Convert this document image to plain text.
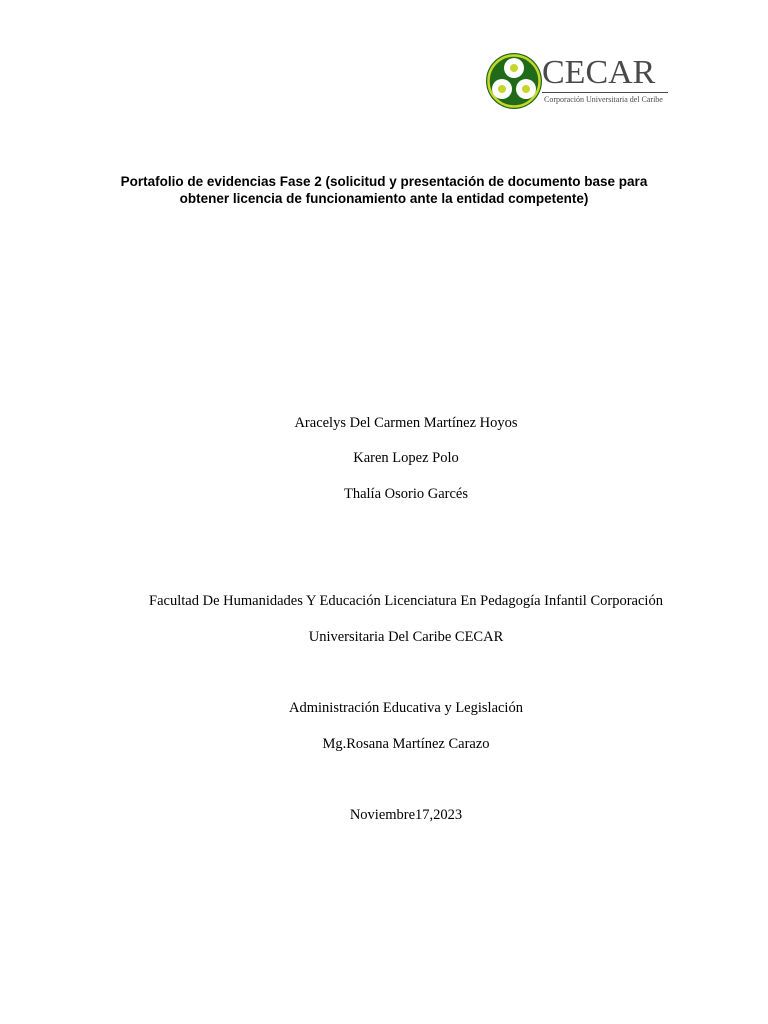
CECAR
Corporación Universitaria del Caribe
Portafolio de evidencias Fase 2 (solicitud y presentación de documento base para obtener licencia de funcionamiento ante la entidad competente)
Aracelys Del Carmen Martínez Hoyos
Karen Lopez Polo
Thalía Osorio Garcés
Facultad De Humanidades Y Educación Licenciatura En Pedagogía Infantil Corporación
Universitaria Del Caribe CECAR
Administración Educativa y Legislación
Mg.Rosana Martínez Carazo
Noviembre17,2023
